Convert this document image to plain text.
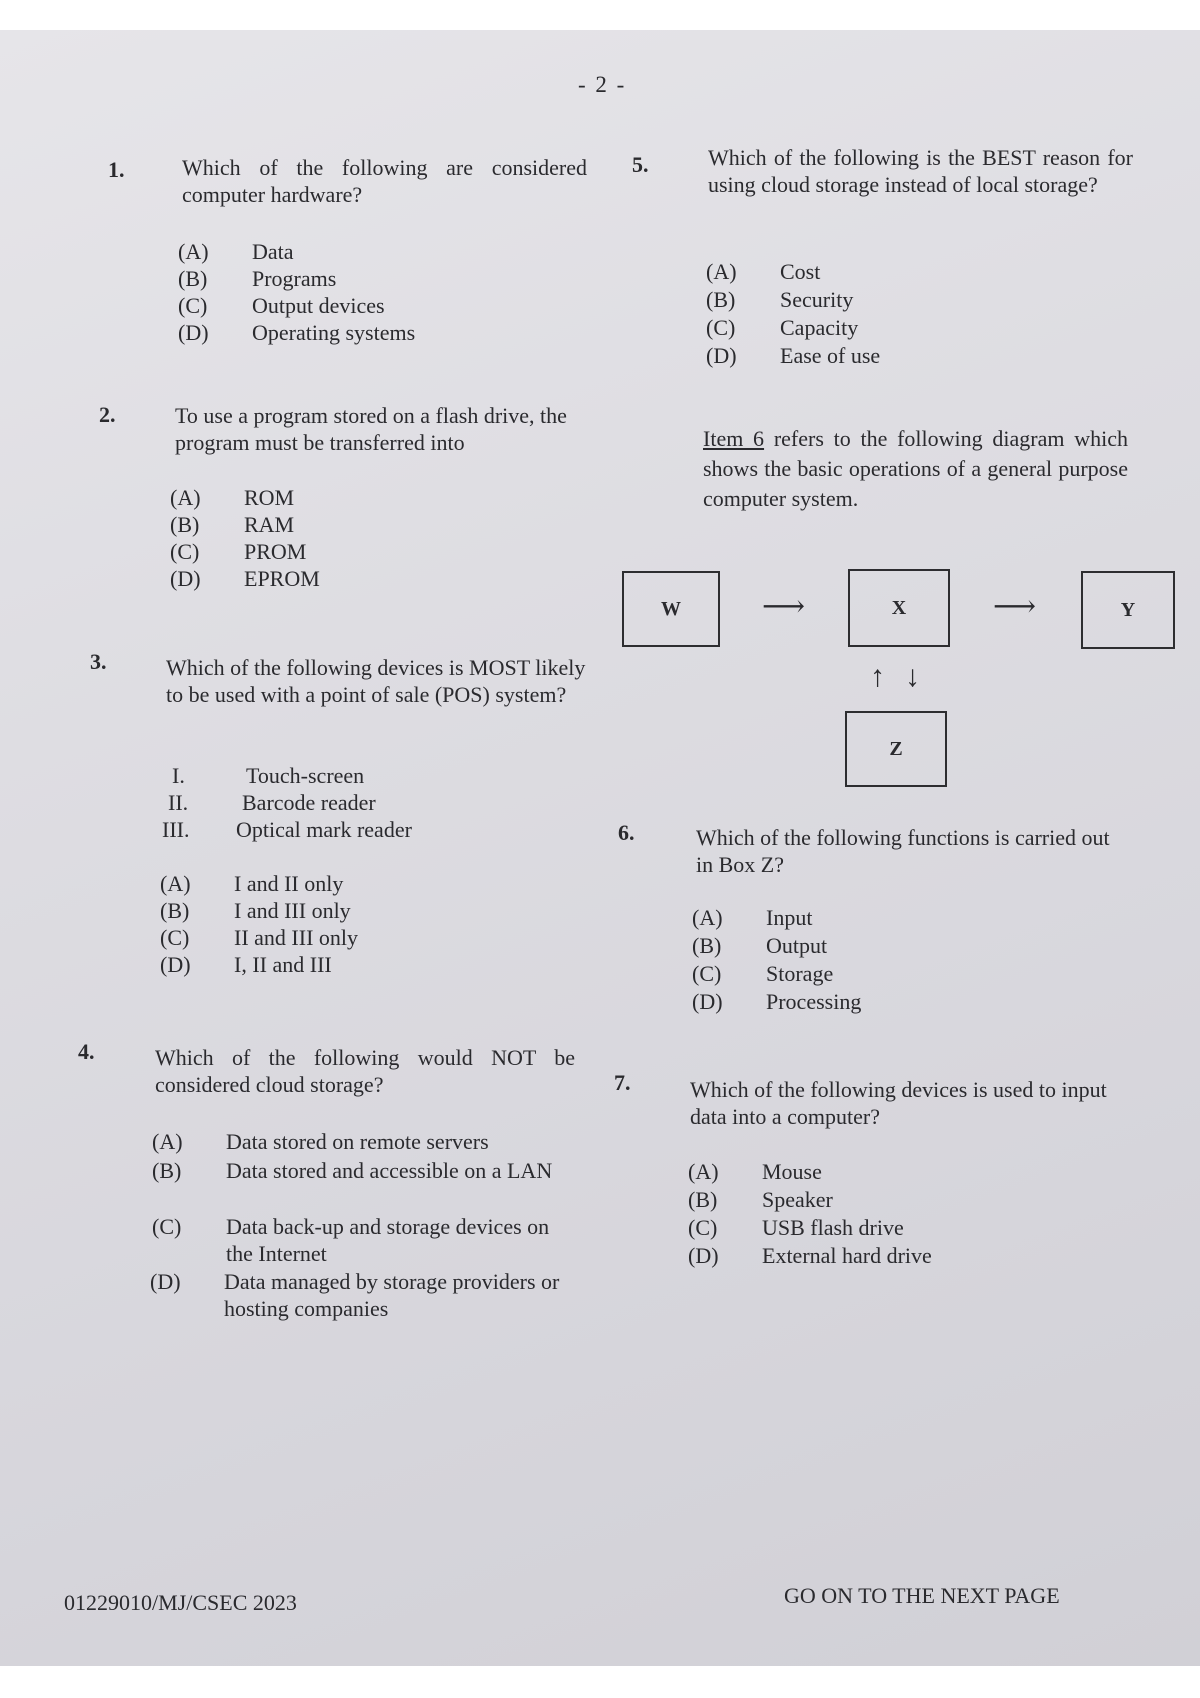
- 2 -
1.	Which of the following are considered computer hardware?
(A) Data
(B) Programs
(C) Output devices
(D) Operating systems
2.	To use a program stored on a flash drive, the program must be transferred into
(A) ROM
(B) RAM
(C) PROM
(D) EPROM
3.	Which of the following devices is MOST likely to be used with a point of sale (POS) system?
I.	Touch-screen
II. Barcode reader
III. Optical mark reader
(A) I and II only
(B) I and III only
(C) II and III only
(D) I, II and III
4.	Which of the following would NOT be considered cloud storage?
(A) Data stored on remote servers
(B) Data stored and accessible on a LAN
(C) Data back-up and storage devices on the Internet
(D) Data managed by storage providers or hosting companies
5.	Which of the following is the BEST reason for using cloud storage instead of local storage?
(A) Cost
(B) Security
(C) Capacity
(D) Ease of use
Item 6 refers to the following diagram which shows the basic operations of a general purpose computer system.
W	⟶	X	⟶	Y
↑ ↓
Z
6.	Which of the following functions is carried out in Box Z?
(A) Input
(B) Output
(C) Storage
(D) Processing
7.	Which of the following devices is used to input data into a computer?
(A) Mouse
(B) Speaker
(C) USB flash drive
(D) External hard drive
01229010/MJ/CSEC 2023	GO ON TO THE NEXT PAGE
